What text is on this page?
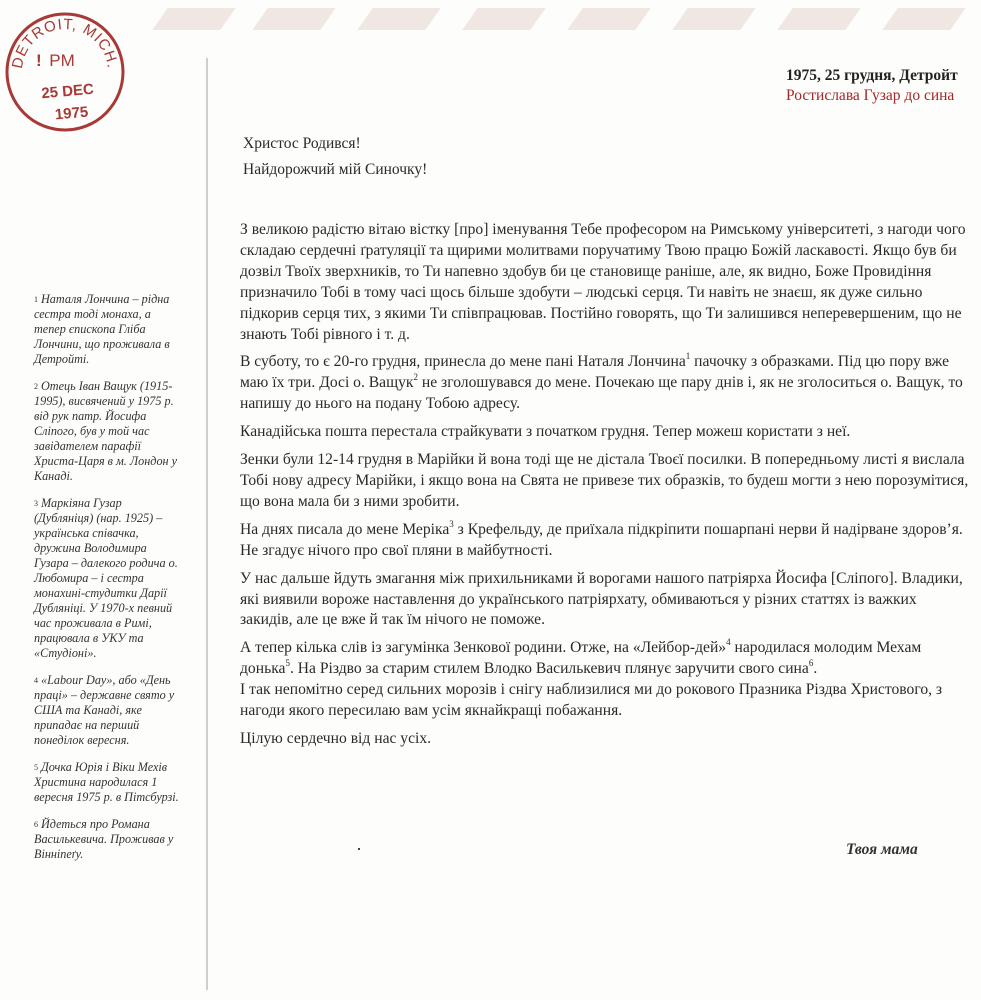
DETROIT, MICH.
PM
!
25 DEC
1975
1975, 25 грудня, Детройт
Ростислава Гузар до сина
$^1$ Наталя Лончина – рідна сестра тодi монаха, а тепер єпископа Гліба Лончини, що проживала в Детройті.
$^2$ Отець Іван Ващук (1915-1995), висвячений у 1975 р. від рук патр. Йосифа Сліпого, був у той час завідателем парафії Христа-Царя в м. Лондон у Канаді.
$^3$ Маркіяна Гузар (Дублянiця) (нар. 1925) – українська співачка, дружина Володимира Гузара – далекого родича о. Любомира – і сестра монахині-студитки Дарії Дублянiці. У 1970-х певний час проживала в Римі, працювала в УКУ та «Студіоні».
$^4$ «Labour Day», або «День праці» – державне свято у США та Канаді, яке припадає на перший понеділок вересня.
$^5$ Дочка Юрія і Віки Мехів Христина народилася 1 вересня 1975 р. в Пітсбурзі.
$^6$ Йдеться про Романа Василькевича. Проживав у Вінніпеґу.

Христос Родився!

Найдорожчий мій Синочку!

З великою радістю вітаю вістку [про] іменування Тебе професором на Римському університеті, з нагоди чого складаю сердечні ґратуляції та щирими молитвами поручатиму Твою працю Божій ласкавості. Якщо був би дозвіл Твоїх зверхників, то Ти напевно здобув би це становище раніше, але, як видно, Боже Провидіння призначило Тобі в тому часі щось більше здобути – людські серця. Ти навіть не знаєш, як дуже сильно підкорив серця тих, з якими Ти співпрацював. Постійно говорять, що Ти залишився неперевершеним, що не знають Тобі рівного і т. д.

В суботу, то є 20-го грудня, принесла до мене пані Наталя Лончина$^1$ пачочку з образками. Під цю пору вже маю їх три. Досі о. Ващук$^2$ не зголошувався до мене. Почекаю ще пару днів і, як не зголоситься о. Ващук, то напишу до нього на подану Тобою адресу.

Канадійська пошта перестала страйкувати з початком грудня. Тепер можеш користати з неї.

Зенки були 12-14 грудня в Марійки й вона тоді ще не дістала Твоєї посилки. В попередньому листі я вислала Тобі нову адресу Марійки, і якщо вона на Свята не привезе тих образків, то будеш могти з нею порозумітися, що вона мала би з ними зробити.

На днях писала до мене Меріка$^3$ з Крефельду, де приїхала підкріпити пошарпані нерви й надірване здоров’я. Не згадує нічого про свої пляни в майбутності.

У нас дальше йдуть змагання між прихильниками й ворогами нашого патріярха Йосифа [Сліпого]. Владики, які виявили вороже наставлення до українського патріярхату, обмиваються у різних статтях із важких закидів, але це вже й так їм нічого не поможе.

А тепер кілька слів із загумінка Зенкової родини. Отже, на «Лейбор-дей»$^4$ народилася молодим Мехам донька$^5$. На Різдво за старим стилем Влодко Василькевич плянує заручити свого сина$^6$.

І так непомітно серед сильних морозів і снігу наблизилися ми до рокового Празника Різдва Христового, з нагоди якого пересилаю вам усім якнайкращі побажання.

Цілую сердечно від нас усіх.

Твоя мама
